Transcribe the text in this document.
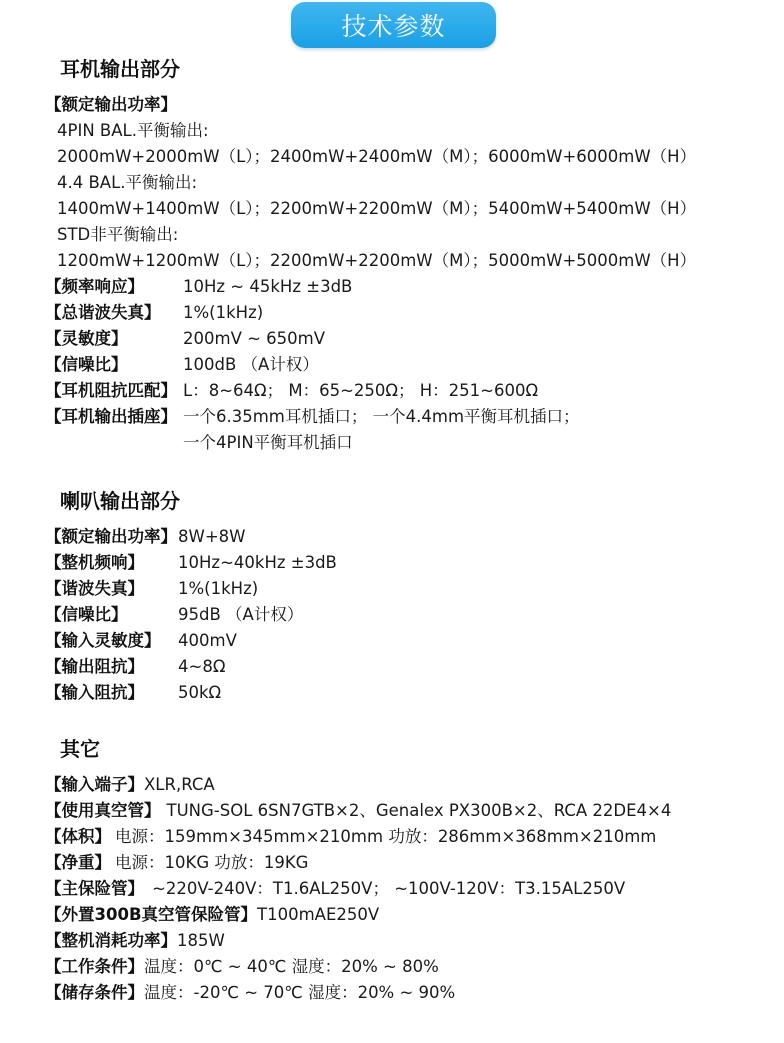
技术参数
耳机输出部分
【额定输出功率】
4PIN BAL.平衡输出:
2000mW+2000mW（L）；2400mW+2400mW（M）；6000mW+6000mW（H）
4.4 BAL.平衡输出:
1400mW+1400mW（L）；2200mW+2200mW（M）；5400mW+5400mW（H）
STD非平衡输出:
1200mW+1200mW（L）；2200mW+2200mW（M）；5000mW+5000mW（H）
【频率响应】 10Hz ~ 45kHz ±3dB
【总谐波失真】 1%(1kHz)
【灵敏度】	200mV ~ 650mV
【信噪比】	100dB （A计权）
【耳机阻抗匹配】 L：8~64Ω； M：65~250Ω； H：251~600Ω
【耳机输出插座】 一个6.35mm耳机插口； 一个4.4mm平衡耳机插口；
一个4PIN平衡耳机插口
喇叭输出部分
【额定输出功率】8W+8W
【整机频响】 10Hz~40kHz ±3dB
【谐波失真】 1%(1kHz)
【信噪比】	95dB （A计权）
【输入灵敏度】 400mV
【输出阻抗】 4~8Ω
【输入阻抗】 50kΩ
其它
【输入端子】XLR,RCA
【使用真空管】 TUNG-SOL 6SN7GTB×2、Genalex PX300B×2、RCA 22DE4×4
【体积】 电源：159mm×345mm×210mm 功放：286mm×368mm×210mm
【净重】 电源：10KG 功放：19KG
【主保险管】 ~220V-240V：T1.6AL250V； ~100V-120V：T3.15AL250V
【外置300B真空管保险管】T100mAE250V
【整机消耗功率】185W
【工作条件】温度：0℃ ~ 40℃ 湿度：20% ~ 80%
【储存条件】温度：-20℃ ~ 70℃ 湿度：20% ~ 90%
